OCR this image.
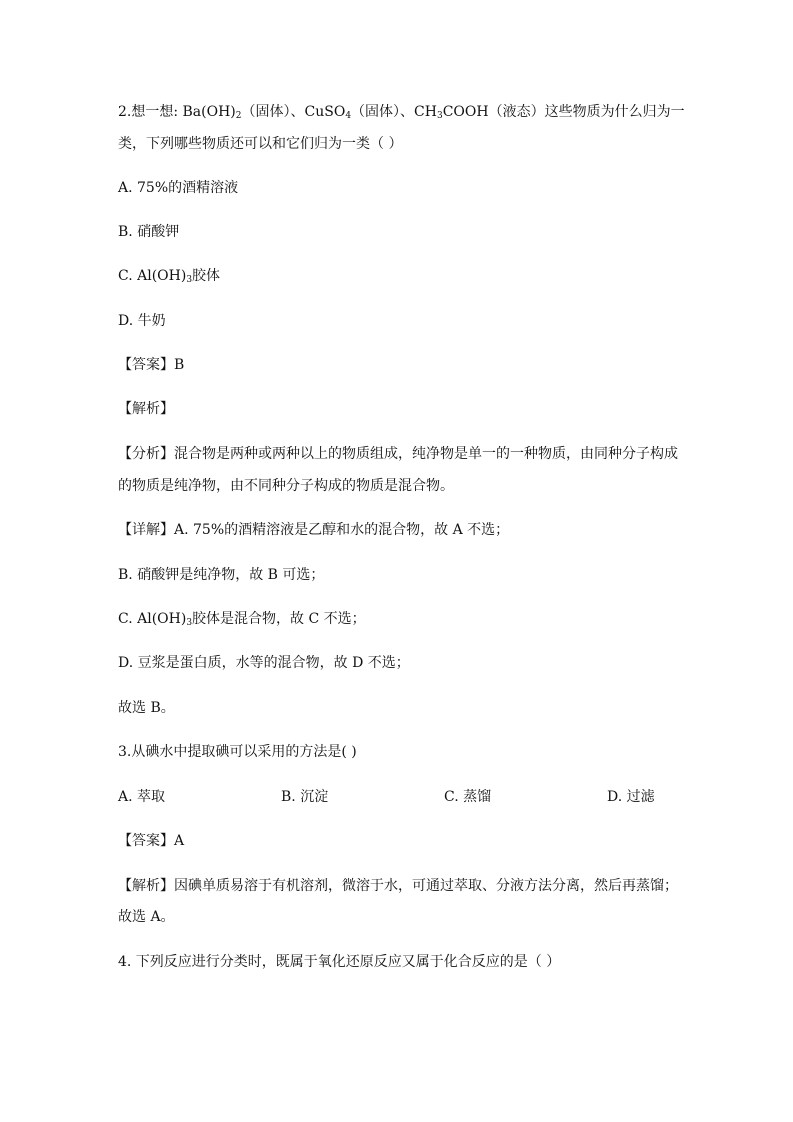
2.想一想: $Ba(OH)_2$（固体）、CuSO$_4$（固体）、$CH_3COOH$（液态）这些物质为什么归为一
类，下列哪些物质还可以和它们归为一类（ ）
A. 75%的酒精溶液
B. 硝酸钾
C. $Al(OH)_3$胶体
D. 牛奶
【答案】B
【解析】
【分析】混合物是两种或两种以上的物质组成，纯净物是单一的一种物质，由同种分子构成
的物质是纯净物，由不同种分子构成的物质是混合物。
【详解】A. 75%的酒精溶液是乙醇和水的混合物，故 A 不选；
B. 硝酸钾是纯净物，故 B 可选；
C. $Al(OH)_3$胶体是混合物，故 C 不选；
D. 豆浆是蛋白质，水等的混合物，故 D 不选；
故选 B。
3.从碘水中提取碘可以采用的方法是( )
A. 萃取	B. 沉淀	C. 蒸馏	D. 过滤
【答案】A
【解析】因碘单质易溶于有机溶剂，微溶于水，可通过萃取、分液方法分离，然后再蒸馏；
故选 A。
4. 下列反应进行分类时，既属于氧化还原反应又属于化合反应的是（ ）
